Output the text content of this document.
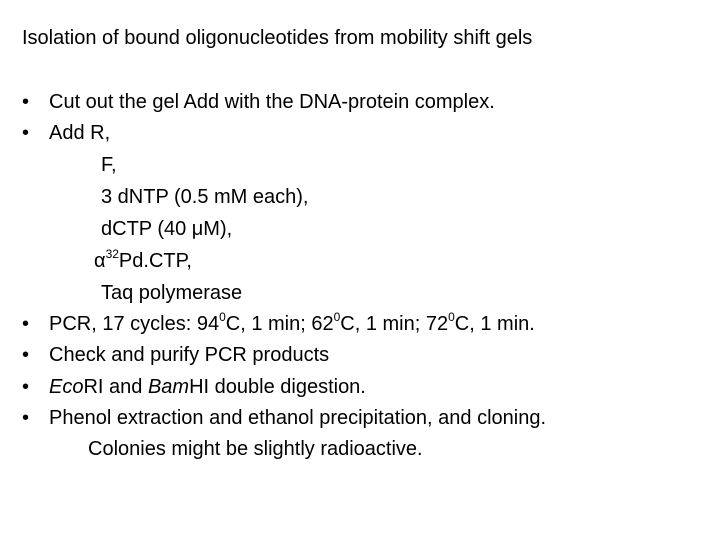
Isolation of bound oligonucleotides from mobility shift gels
• Cut out the gel Add with the DNA-protein complex.
• Add R,
F,
3 dNTP (0.5 mM each),
dCTP (40 μM),
$\alpha^{32}Pd.CTP$,
Taq polymerase
• PCR, 17 cycles: $94^0C$, 1 min; $62^0C$, 1 min; $72^0C$, 1 min.
• Check and purify PCR products
• EcoRI and BamHI double digestion.
• Phenol extraction and ethanol precipitation, and cloning.
Colonies might be slightly radioactive.
